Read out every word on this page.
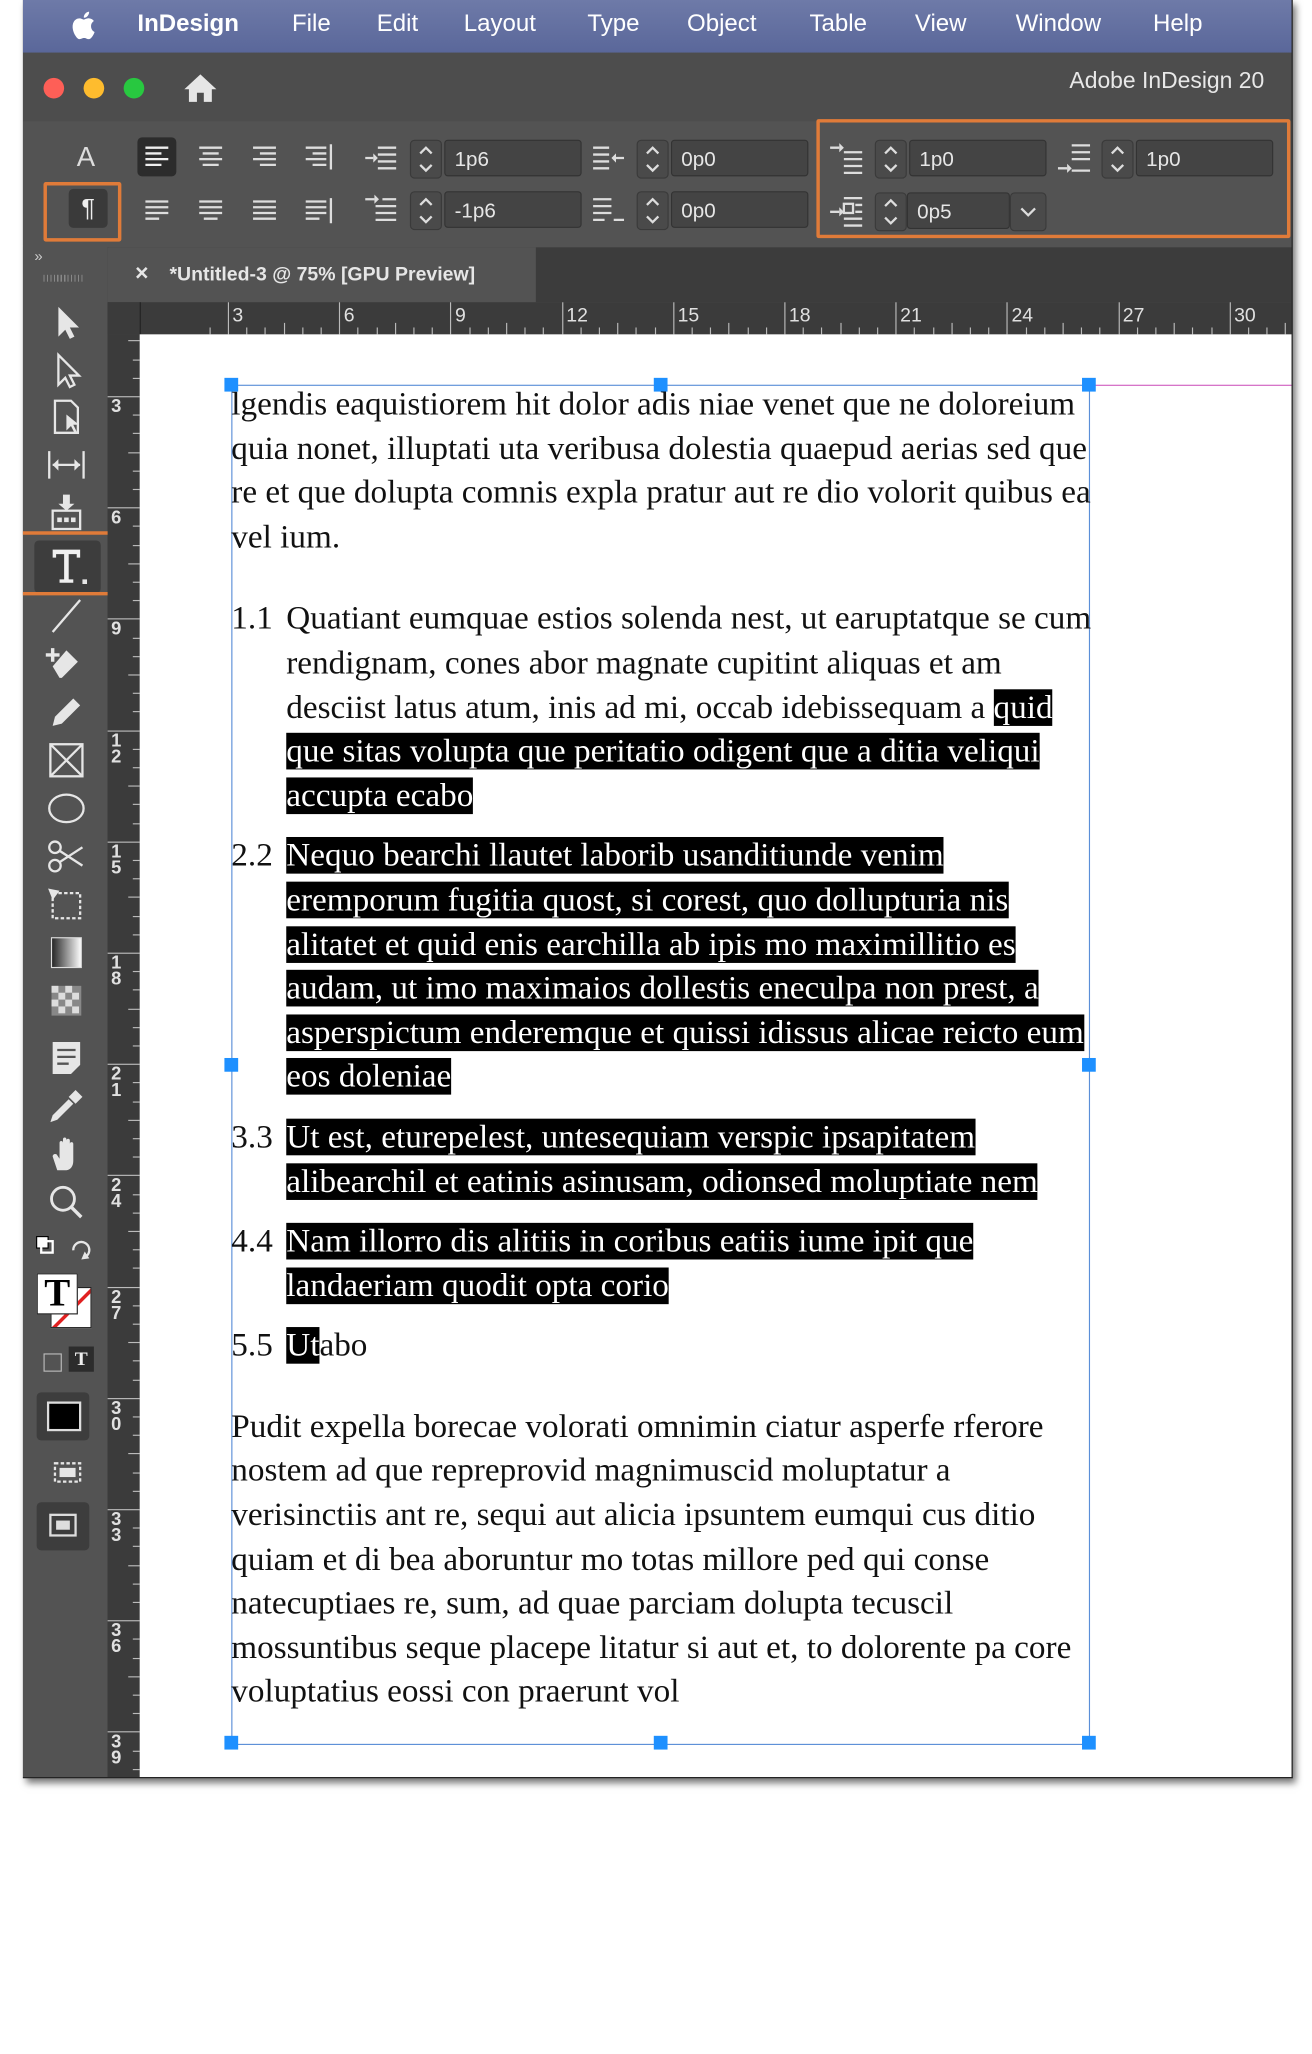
InDesign	File Edit Layout Type Object	Table View Window Help
Adobe InDesign 20
A
¶
1p6
-1p6
0p0
0p0
1p0	1p0
0p5
»
T
T
× *Untitled-3 @ 75% [GPU Preview]
3	6	9	12	15	18	21	24	27	30
3
6
9
12
15
18
21
24
27
30
33
36
39

lgendis eaquistiorem hit dolor adis niae venet que ne doloreium quia nonet, illuptati uta veribusa dolestia quaepud aerias sed que re et que dolupta comnis expla pratur aut re dio volorit quibus ea vel ium.

1.1 Quatiant eumquae estios solenda nest, ut earuptatque se cum rendignam, cones abor magnate cupitint aliquas et am desciist latus atum, inis ad mi, occab idebissequam a quid que sitas volupta que peritatio odigent que a ditia veliqui accupta ecabo
2.2 Nequo bearchi llautet laborib usanditiunde venim eremporum fugitia quost, si corest, quo dollupturia nis alitatet et quid enis earchilla ab ipis mo maximillitio es audam, ut imo maximaios dollestis eneculpa non prest, a asperspictum enderemque et quissi idissus alicae reicto eum eos doleniae
3.3 Ut est, eturepelest, untesequiam verspic ipsapitatem alibearchil et eatinis asinusam, odionsed moluptiate nem
4.4 Nam illorro dis alitiis in coribus eatiis iume ipit que landaeriam quodit opta corio
5.5 Utabo

Pudit expella borecae volorati omnimin ciatur asperfe rferore nostem ad que repreprovid magnimuscid moluptatur a verisinctiis ant re, sequi aut alicia ipsuntem eumqui cus ditio quiam et di bea aboruntur mo totas millore ped qui conse natecuptiaes re, sum, ad quae parciam dolupta tecuscil mossuntibus seque placepe litatur si aut et, to dolorente pa core voluptatius eossi con praerunt vol
